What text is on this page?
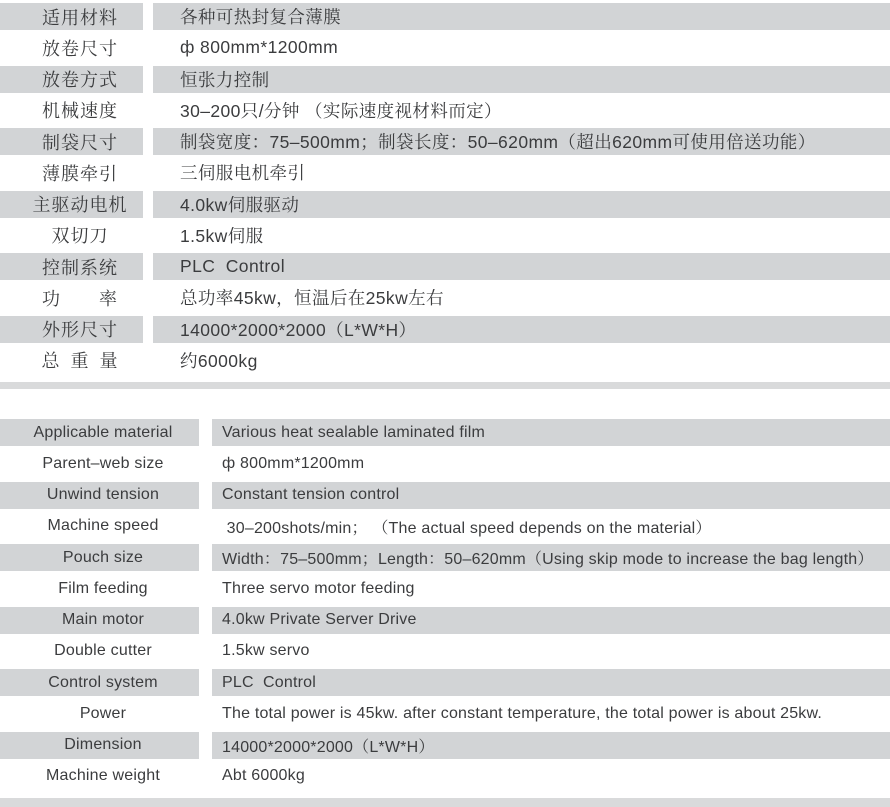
适用材料	各种可热封复合薄膜
放卷尺寸	ф 800mm*1200mm
放卷方式	恒张力控制
机械速度	30–200只/分钟 （实际速度视材料而定）
制袋尺寸	制袋宽度：75–500mm；制袋长度：50–620mm（超出620mm可使用倍送功能）
薄膜牵引	三伺服电机牵引
主驱动电机	4.0kw伺服驱动
双切刀	1.5kw伺服
控制系统	PLC  Control
功　　率	总功率45kw，恒温后在25kw左右
外形尺寸	14000*2000*2000（L*W*H）
总 重 量	约6000kg
Applicable material	Various heat sealable laminated film
Parent–web size	ф 800mm*1200mm
Unwind tension	Constant tension control
Machine speed	30–200shots/min； （The actual speed depends on the material）
Pouch size	Width：75–500mm；Length：50–620mm（Using skip mode to increase the bag length）
Film feeding	Three servo motor feeding
Main motor	4.0kw Private Server Drive
Double cutter	1.5kw servo
Control system	PLC  Control
Power	The total power is 45kw. after constant temperature, the total power is about 25kw.
Dimension	14000*2000*2000（L*W*H）
Machine weight	Abt 6000kg
